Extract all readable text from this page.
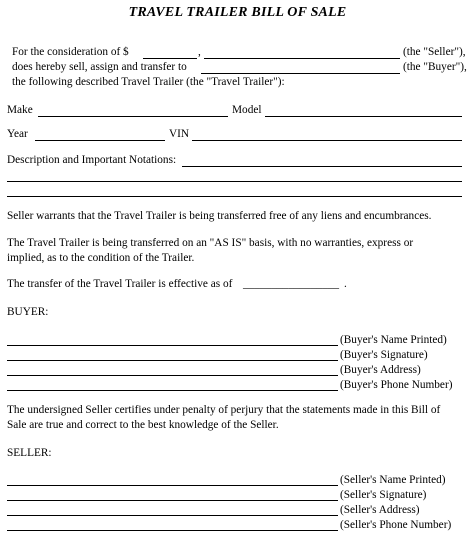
TRAVEL TRAILER BILL OF SALE
For the consideration of $	,	(the "Seller"),
does hereby sell, assign and transfer to	(the "Buyer"),
the following described Travel Trailer (the "Travel Trailer"):
Make	Model
Year	VIN
Description and Important Notations:
Seller warrants that the Travel Trailer is being transferred free of any liens and encumbrances.
The Travel Trailer is being transferred on an "AS IS" basis, with no warranties, express or
implied, as to the condition of the Trailer.
The transfer of the Travel Trailer is effective as of _________________ .
BUYER:
(Buyer's Name Printed)
(Buyer's Signature)
(Buyer's Address)
(Buyer's Phone Number)
The undersigned Seller certifies under penalty of perjury that the statements made in this Bill of
Sale are true and correct to the best knowledge of the Seller.
SELLER:
(Seller's Name Printed)
(Seller's Signature)
(Seller's Address)
(Seller's Phone Number)
